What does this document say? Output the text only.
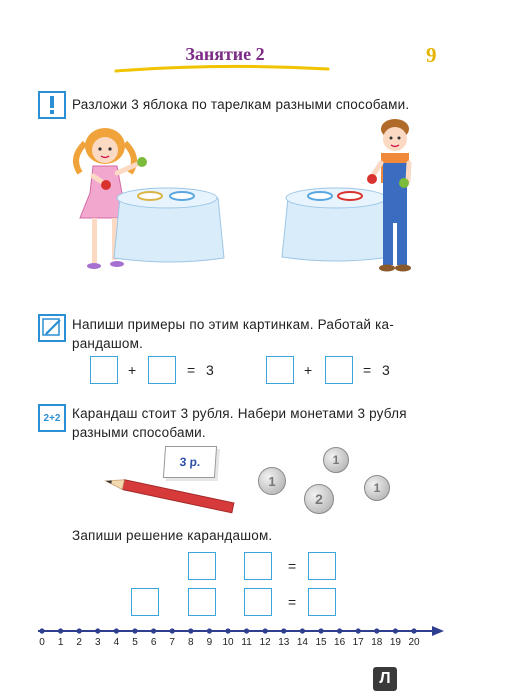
Занятие 2	9
Разложи 3 яблока по тарелкам разными способами.
Напиши примеры по этим картинкам. Работай ка-
рандашом.
+	= 3	+	= 3
2+2 Карандаш стоит 3 рубля. Набери монетами 3 рубля
разными способами.
3 р.
1
1
2
1
Запиши решение карандашом.
=
=
0	1	2	3	4	5	6	7	8	9	10 11 12 13 14 15 16 17 18 19 20
Л
